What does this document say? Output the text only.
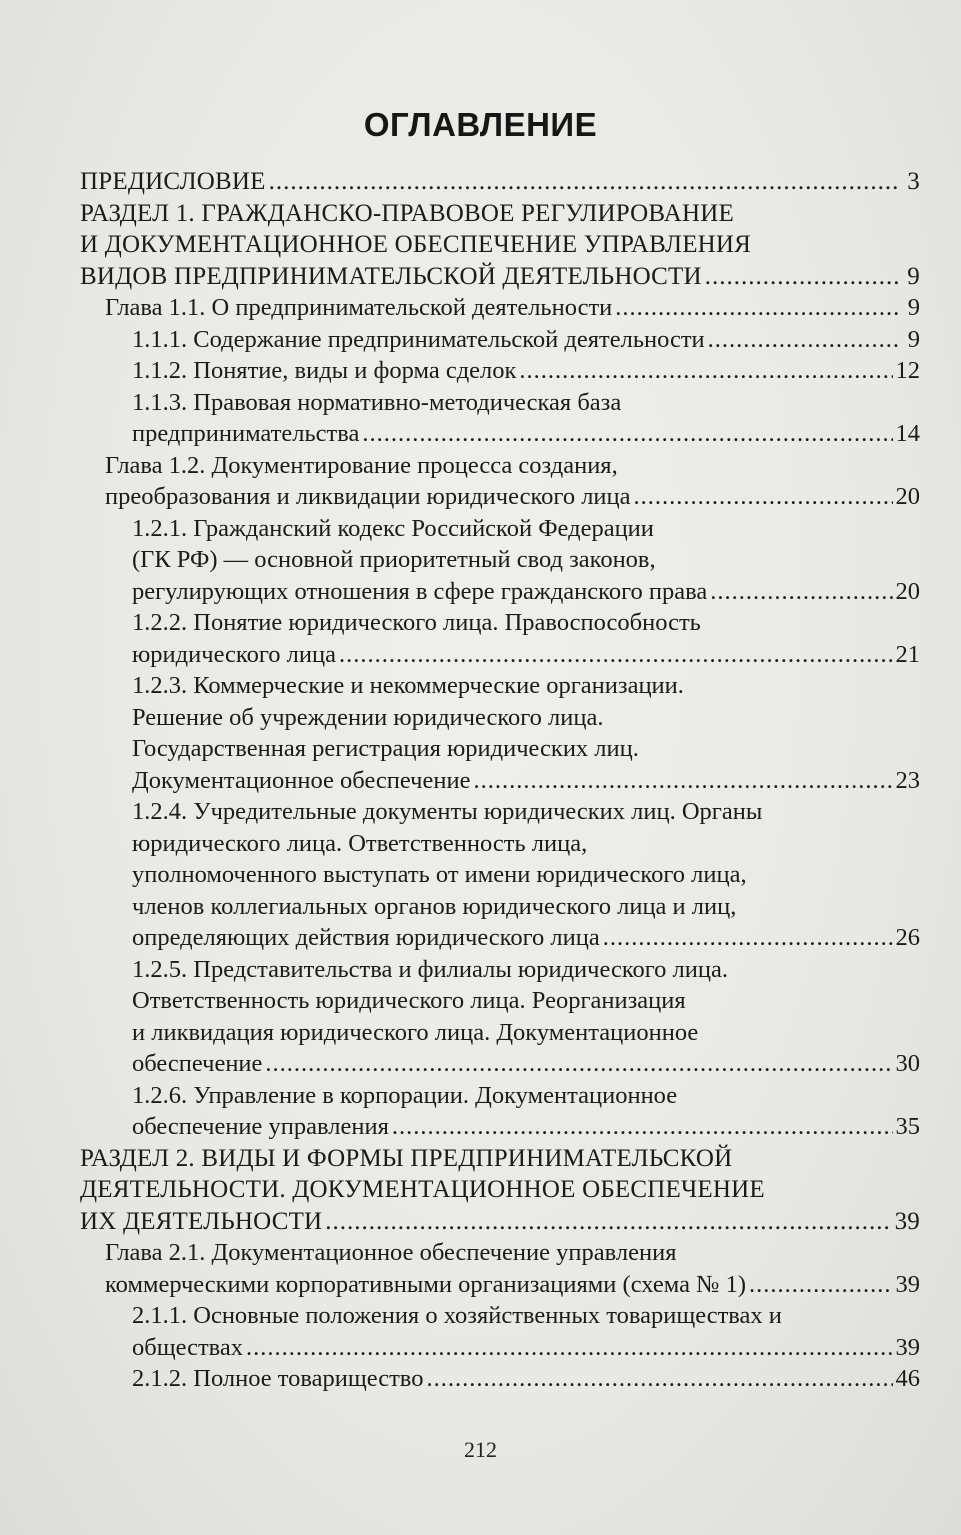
ОГЛАВЛЕНИЕ
ПРЕДИСЛОВИЕ .....	3
РАЗДЕЛ 1. ГРАЖДАНСКО-ПРАВОВОЕ РЕГУЛИРОВАНИЕ
И ДОКУМЕНТАЦИОННОЕ ОБЕСПЕЧЕНИЕ УПРАВЛЕНИЯ
ВИДОВ ПРЕДПРИНИМАТЕЛЬСКОЙ ДЕЯТЕЛЬНОСТИ .....	9
Глава 1.1. О предпринимательской деятельности .....	9
1.1.1. Содержание предпринимательской деятельности .....	9
1.1.2. Понятие, виды и форма сделок .....	12
1.1.3. Правовая нормативно-методическая база
предпринимательства .....	14
Глава 1.2. Документирование процесса создания,
преобразования и ликвидации юридического лица .....	20
1.2.1. Гражданский кодекс Российской Федерации
(ГК РФ) — основной приоритетный свод законов,
регулирующих отношения в сфере гражданского права .....	20
1.2.2. Понятие юридического лица. Правоспособность
юридического лица .....	21
1.2.3. Коммерческие и некоммерческие организации.
Решение об учреждении юридического лица.
Государственная регистрация юридических лиц.
Документационное обеспечение .....	23
1.2.4. Учредительные документы юридических лиц. Органы
юридического лица. Ответственность лица,
уполномоченного выступать от имени юридического лица,
членов коллегиальных органов юридического лица и лиц,
определяющих действия юридического лица .....	26
1.2.5. Представительства и филиалы юридического лица.
Ответственность юридического лица. Реорганизация
и ликвидация юридического лица. Документационное
обеспечение .....	30
1.2.6. Управление в корпорации. Документационное
обеспечение управления .....	35
РАЗДЕЛ 2. ВИДЫ И ФОРМЫ ПРЕДПРИНИМАТЕЛЬСКОЙ
ДЕЯТЕЛЬНОСТИ. ДОКУМЕНТАЦИОННОЕ ОБЕСПЕЧЕНИЕ
ИХ ДЕЯТЕЛЬНОСТИ .....	39
Глава 2.1. Документационное обеспечение управления
коммерческими корпоративными организациями (схема № 1) .....	39
2.1.1. Основные положения о хозяйственных товариществах и
обществах .....	39
2.1.2. Полное товарищество .....	46
212
